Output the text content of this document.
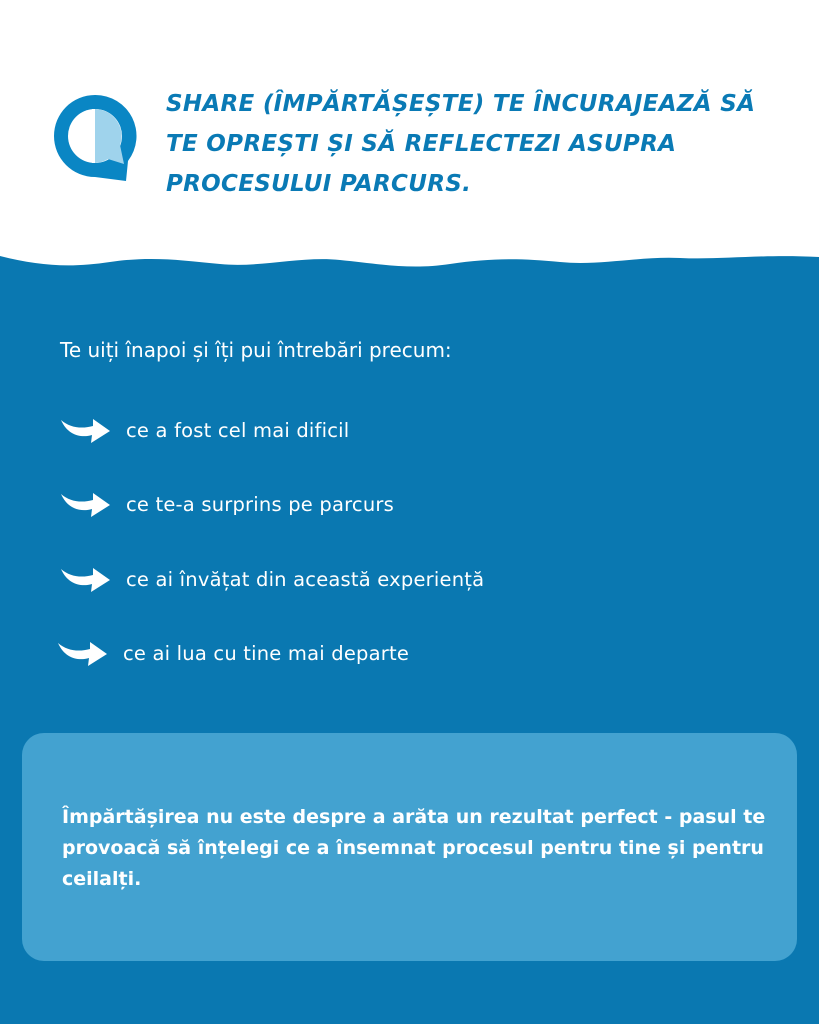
SHARE (ÎMPĂRTĂȘEȘTE) TE ÎNCURAJEAZĂ SĂ TE OPREȘTI ȘI SĂ REFLECTEZI ASUPRA PROCESULUI PARCURS.

Te uiți înapoi și îți pui întrebări precum:

ce a fost cel mai dificil
ce te-a surprins pe parcurs
ce ai învățat din această experiență
ce ai lua cu tine mai departe

Împărtășirea nu este despre a arăta un rezultat perfect - pasul te provoacă să înțelegi ce a însemnat procesul pentru tine și pentru ceilalți.
